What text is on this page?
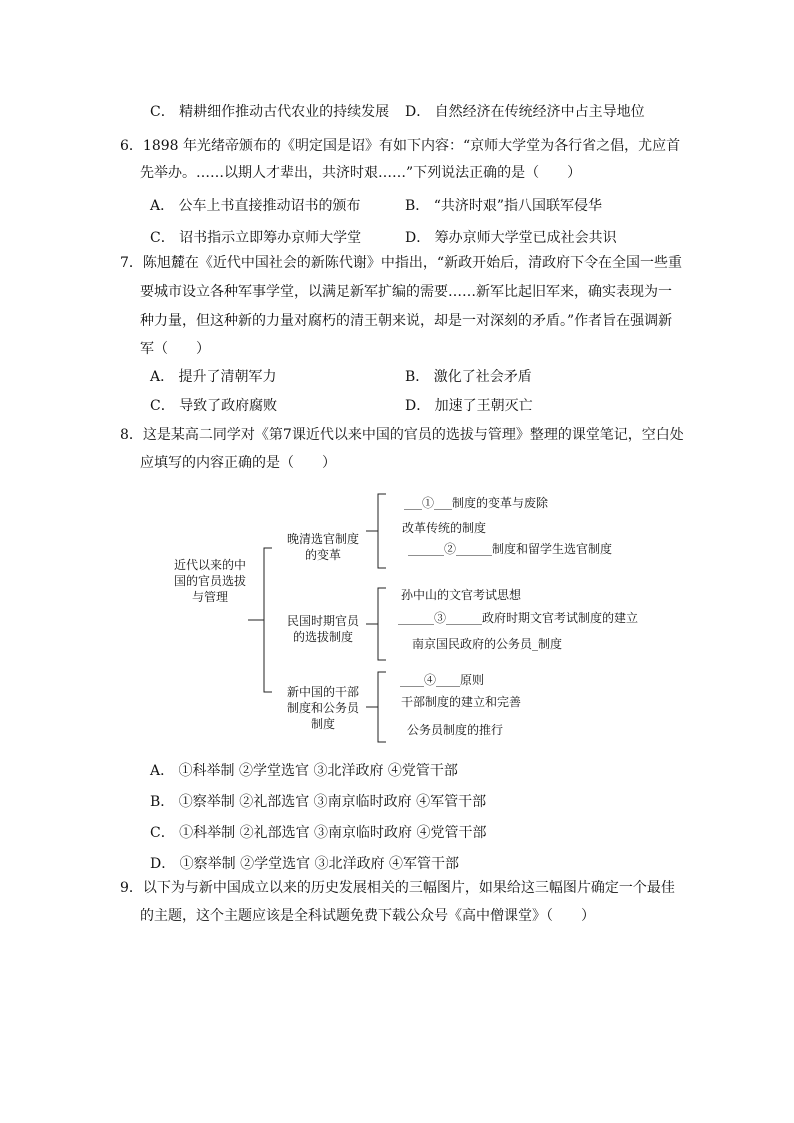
C． 精耕细作推动古代农业的持续发展 D． 自然经济在传统经济中占主导地位
6．1898 年光绪帝颁布的《明定国是诏》有如下内容：“京师大学堂为各行省之倡，尤应首
先举办。……以期人才辈出，共济时艰……”下列说法正确的是（　　）
A． 公车上书直接推动诏书的颁布	B． “共济时艰”指八国联军侵华
C． 诏书指示立即筹办京师大学堂	D． 筹办京师大学堂已成社会共识
7．陈旭麓在《近代中国社会的新陈代谢》中指出，“新政开始后，清政府下令在全国一些重
要城市设立各种军事学堂，以满足新军扩编的需要……新军比起旧军来，确实表现为一
种力量，但这种新的力量对腐朽的清王朝来说，却是一对深刻的矛盾。”作者旨在强调新
军（　　）
A． 提升了清朝军力	B． 激化了社会矛盾
C． 导致了政府腐败	D． 加速了王朝灭亡
8．这是某高二同学对《第7课近代以来中国的官员的选拔与管理》整理的课堂笔记，空白处
应填写的内容正确的是（　　）
近代以来的中
国的官员选拔
与管理
晚清选官制度
的变革
___①___制度的变革与废除
改革传统的制度
______②______制度和留学生选官制度
民国时期官员
的选拔制度
孙中山的文官考试思想
______③______政府时期文官考试制度的建立
南京国民政府的公务员_制度
新中国的干部
制度和公务员
制度
____④____原则
干部制度的建立和完善
公务员制度的推行
A． ①科举制 ②学堂选官 ③北洋政府 ④党管干部
B． ①察举制 ②礼部选官 ③南京临时政府 ④军管干部
C． ①科举制 ②礼部选官 ③南京临时政府 ④党管干部
D． ①察举制 ②学堂选官 ③北洋政府 ④军管干部
9．以下为与新中国成立以来的历史发展相关的三幅图片，如果给这三幅图片确定一个最佳
的主题，这个主题应该是全科试题免费下载公众号《高中僧课堂》（　　）
